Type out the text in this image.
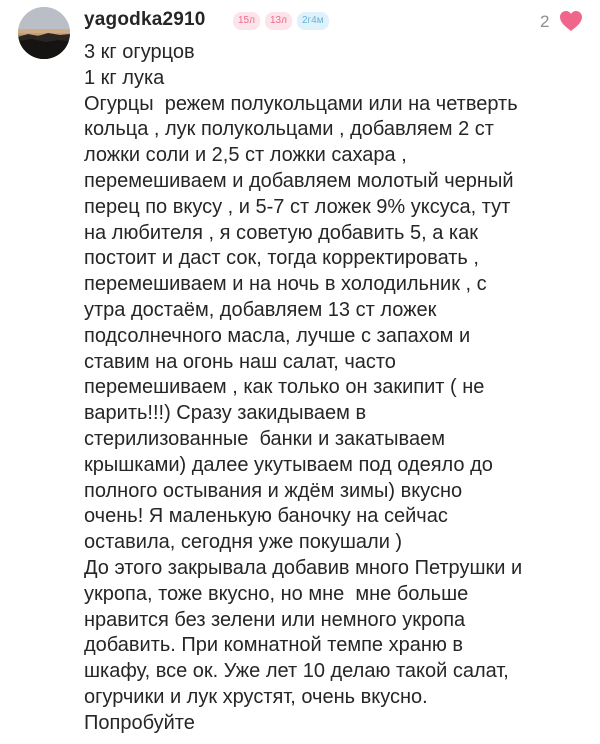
yagodka2910	15л	13л	2г4м	2
3 кг огурцов
1 кг лука
Огурцы  режем полукольцами или на четверть
кольца , лук полукольцами , добавляем 2 ст
ложки соли и 2,5 ст ложки сахара ,
перемешиваем и добавляем молотый черный
перец по вкусу , и 5-7 ст ложек 9% уксуса, тут
на любителя , я советую добавить 5, а как
постоит и даст сок, тогда корректировать ,
перемешиваем и на ночь в холодильник , с
утра достаём, добавляем 13 ст ложек
подсолнечного масла, лучше с запахом и
ставим на огонь наш салат, часто
перемешиваем , как только он закипит ( не
варить!!!) Сразу закидываем в
стерилизованные  банки и закатываем
крышками) далее укутываем под одеяло до
полного остывания и ждём зимы) вкусно
очень! Я маленькую баночку на сейчас
оставила, сегодня уже покушали )
До этого закрывала добавив много Петрушки и
укропа, тоже вкусно, но мне  мне больше
нравится без зелени или немного укропа
добавить. При комнатной темпе храню в
шкафу, все ок. Уже лет 10 делаю такой салат,
огурчики и лук хрустят, очень вкусно.
Попробуйте
